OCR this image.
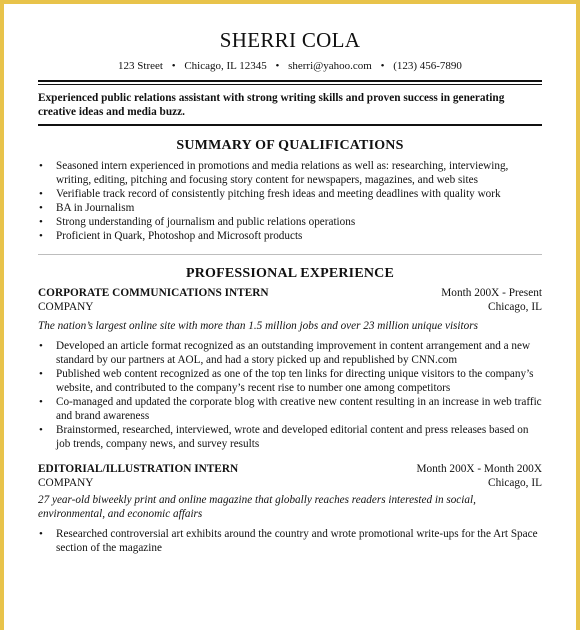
SHERRI COLA
123 Street • Chicago, IL 12345 • sherri@yahoo.com • (123) 456-7890
Experienced public relations assistant with strong writing skills and proven success in generating creative ideas and media buzz.
SUMMARY OF QUALIFICATIONS
• Seasoned intern experienced in promotions and media relations as well as: researching, interviewing, writing, editing, pitching and focusing story content for newspapers, magazines, and web sites
• Verifiable track record of consistently pitching fresh ideas and meeting deadlines with quality work
• BA in Journalism
• Strong understanding of journalism and public relations operations
• Proficient in Quark, Photoshop and Microsoft products
PROFESSIONAL EXPERIENCE
CORPORATE COMMUNICATIONS INTERN	Month 200X - Present
COMPANY	Chicago, IL
The nation’s largest online site with more than 1.5 million jobs and over 23 million unique visitors
• Developed an article format recognized as an outstanding improvement in content arrangement and a new standard by our partners at AOL, and had a story picked up and republished by CNN.com
• Published web content recognized as one of the top ten links for directing unique visitors to the company’s website, and contributed to the company’s recent rise to number one among competitors
• Co-managed and updated the corporate blog with creative new content resulting in an increase in web traffic and brand awareness
• Brainstormed, researched, interviewed, wrote and developed editorial content and press releases based on job trends, company news, and survey results
EDITORIAL/ILLUSTRATION INTERN	Month 200X - Month 200X
COMPANY	Chicago, IL
27 year-old biweekly print and online magazine that globally reaches readers interested in social, environmental, and economic affairs
• Researched controversial art exhibits around the country and wrote promotional write-ups for the Art Space section of the magazine
